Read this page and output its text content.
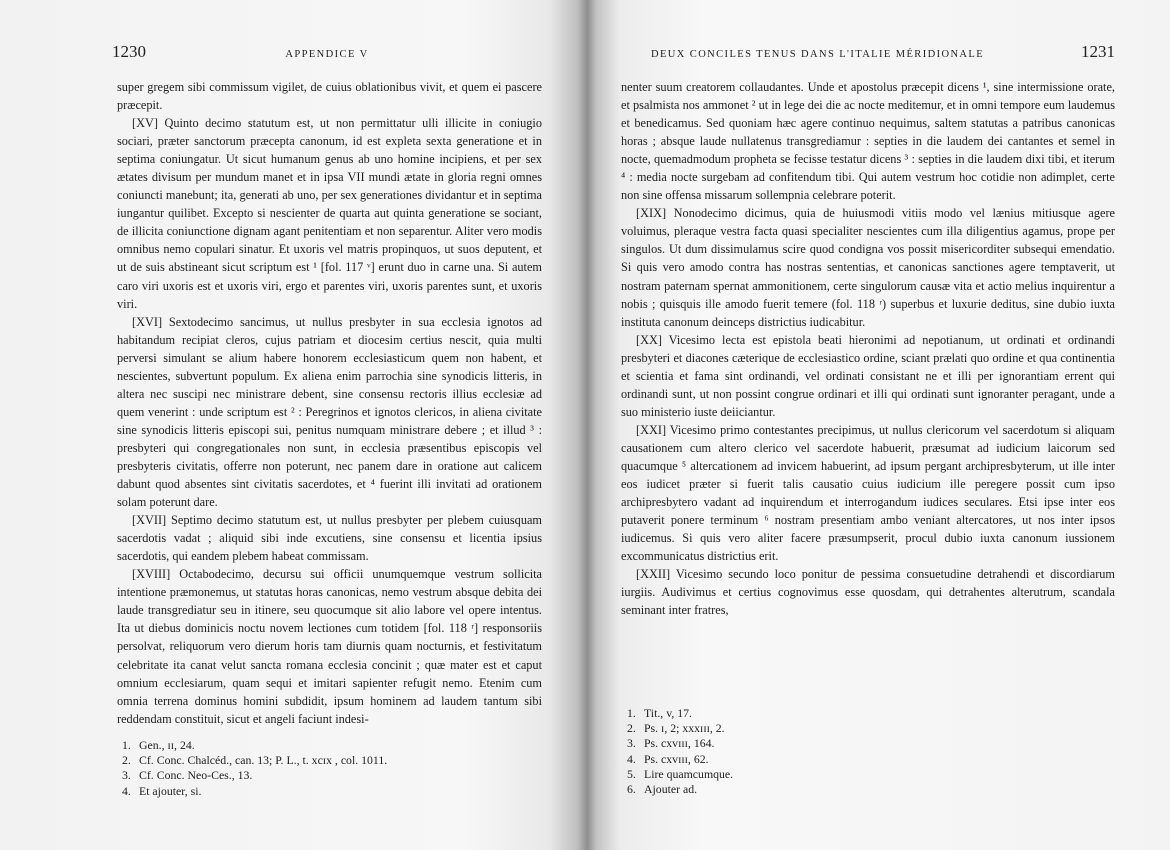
1230	APPENDICE V

super gregem sibi commissum vigilet, de cuius oblationibus vivit, et quem ei pascere præcepit.

[XV] Quinto decimo statutum est, ut non permittatur ulli illicite in coniugio sociari, præter sanctorum præcepta canonum, id est expleta sexta generatione et in septima coniungatur. Ut sicut humanum genus ab uno homine incipiens, et per sex ætates divisum per mundum manet et in ipsa VII mundi ætate in gloria regni omnes coniuncti manebunt; ita, generati ab uno, per sex generationes dividantur et in septima iungantur quilibet. Excepto si nescienter de quarta aut quinta generatione se sociant, de illicita coniunctione dignam agant penitentiam et non separentur. Aliter vero modis omnibus nemo copulari sinatur. Et uxoris vel matris propinquos, ut suos deputent, et ut de suis abstineant sicut scriptum est ¹ [fol. 117 ᵛ] erunt duo in carne una. Si autem caro viri uxoris est et uxoris viri, ergo et parentes viri, uxoris parentes sunt, et uxoris viri.

[XVI] Sextodecimo sancimus, ut nullus presbyter in sua ecclesia ignotos ad habitandum recipiat cleros, cujus patriam et diocesim certius nescit, quia multi perversi simulant se alium habere honorem ecclesiasticum quem non habent, et nescientes, subvertunt populum. Ex aliena enim parrochia sine synodicis litteris, in altera nec suscipi nec ministrare debent, sine consensu rectoris illius ecclesiæ ad quem venerint : unde scriptum est ² : Peregrinos et ignotos clericos, in aliena civitate sine synodicis litteris episcopi sui, penitus numquam ministrare debere ; et illud ³ : presbyteri qui congregationales non sunt, in ecclesia præsentibus episcopis vel presbyteris civitatis, offerre non poterunt, nec panem dare in oratione aut calicem dabunt quod absentes sint civitatis sacerdotes, et ⁴ fuerint illi invitati ad orationem solam poterunt dare.

[XVII] Septimo decimo statutum est, ut nullus presbyter per plebem cuiusquam sacerdotis vadat ; aliquid sibi inde excutiens, sine consensu et licentia ipsius sacerdotis, qui eandem plebem habeat commissam.

[XVIII] Octabodecimo, decursu sui officii unumquemque vestrum sollicita intentione præmonemus, ut statutas horas canonicas, nemo vestrum absque debita dei laude transgrediatur seu in itinere, seu quocumque sit alio labore vel opere intentus. Ita ut diebus dominicis noctu novem lectiones cum totidem [fol. 118 ʳ] responsoriis persolvat, reliquorum vero dierum horis tam diurnis quam nocturnis, et festivitatum celebritate ita canat velut sancta romana ecclesia concinit ; quæ mater est et caput omnium ecclesiarum, quam sequi et imitari sapienter refugit nemo. Etenim cum omnia terrena dominus homini subdidit, ipsum hominem ad laudem tantum sibi reddendam constituit, sicut et angeli faciunt indesi-

1. Gen., ɪɪ, 24.
2. Cf. Conc. Chalcéd., can. 13; P. L., t. xcɪx , col. 1011.
3. Cf. Conc. Neo-Ces., 13.
4. Et ajouter, si.
DEUX CONCILES TENUS DANS L'ITALIE MÉRIDIONALE	1231

nenter suum creatorem collaudantes. Unde et apostolus præcepit dicens ¹, sine intermissione orate, et psalmista nos ammonet ² ut in lege dei die ac nocte meditemur, et in omni tempore eum laudemus et benedicamus. Sed quoniam hæc agere continuo nequimus, saltem statutas a patribus canonicas horas ; absque laude nullatenus transgrediamur : septies in die laudem dei cantantes et semel in nocte, quemadmodum propheta se fecisse testatur dicens ³ : septies in die laudem dixi tibi, et iterum ⁴ : media nocte surgebam ad confitendum tibi. Qui autem vestrum hoc cotidie non adimplet, certe non sine offensa missarum sollempnia celebrare poterit.

[XIX] Nonodecimo dicimus, quia de huiusmodi vitiis modo vel lænius mitiusque agere voluimus, pleraque vestra facta quasi specialiter nescientes cum illa diligentius agamus, prope per singulos. Ut dum dissimulamus scire quod condigna vos possit misericorditer subsequi emendatio. Si quis vero amodo contra has nostras sententias, et canonicas sanctiones agere temptaverit, ut nostram paternam spernat ammonitionem, certe singulorum causæ vita et actio melius inquirentur a nobis ; quisquis ille amodo fuerit temere (fol. 118 ʳ) superbus et luxurie deditus, sine dubio iuxta instituta canonum deinceps districtius iudicabitur.

[XX] Vicesimo lecta est epistola beati hieronimi ad nepotianum, ut ordinati et ordinandi presbyteri et diacones cæterique de ecclesiastico ordine, sciant prælati quo ordine et qua continentia et scientia et fama sint ordinandi, vel ordinati consistant ne et illi per ignorantiam errent qui ordinandi sunt, ut non possint congrue ordinari et illi qui ordinati sunt ignoranter peragant, unde a suo ministerio iuste deiiciantur.

[XXI] Vicesimo primo contestantes precipimus, ut nullus clericorum vel sacerdotum si aliquam causationem cum altero clerico vel sacerdote habuerit, præsumat ad iudicium laicorum sed quacumque ⁵ altercationem ad invicem habuerint, ad ipsum pergant archipresbyterum, ut ille inter eos iudicet præter si fuerit talis causatio cuius iudicium ille peregere possit cum ipso archipresbytero vadant ad inquirendum et interrogandum iudices seculares. Etsi ipse inter eos putaverit ponere terminum ⁶ nostram presentiam ambo veniant altercatores, ut nos inter ipsos iudicemus. Si quis vero aliter facere præsumpserit, procul dubio iuxta canonum iussionem excommunicatus districtius erit.

[XXII] Vicesimo secundo loco ponitur de pessima consuetudine detrahendi et discordiarum iurgiis. Audivimus et certius cognovimus esse quosdam, qui detrahentes alterutrum, scandala seminant inter fratres,

1. Tit., v, 17.
2. Ps. ɪ, 2; xxxɪɪɪ, 2.
3. Ps. cxvɪɪɪ, 164.
4. Ps. cxvɪɪɪ, 62.
5. Lire quamcumque.
6. Ajouter ad.
